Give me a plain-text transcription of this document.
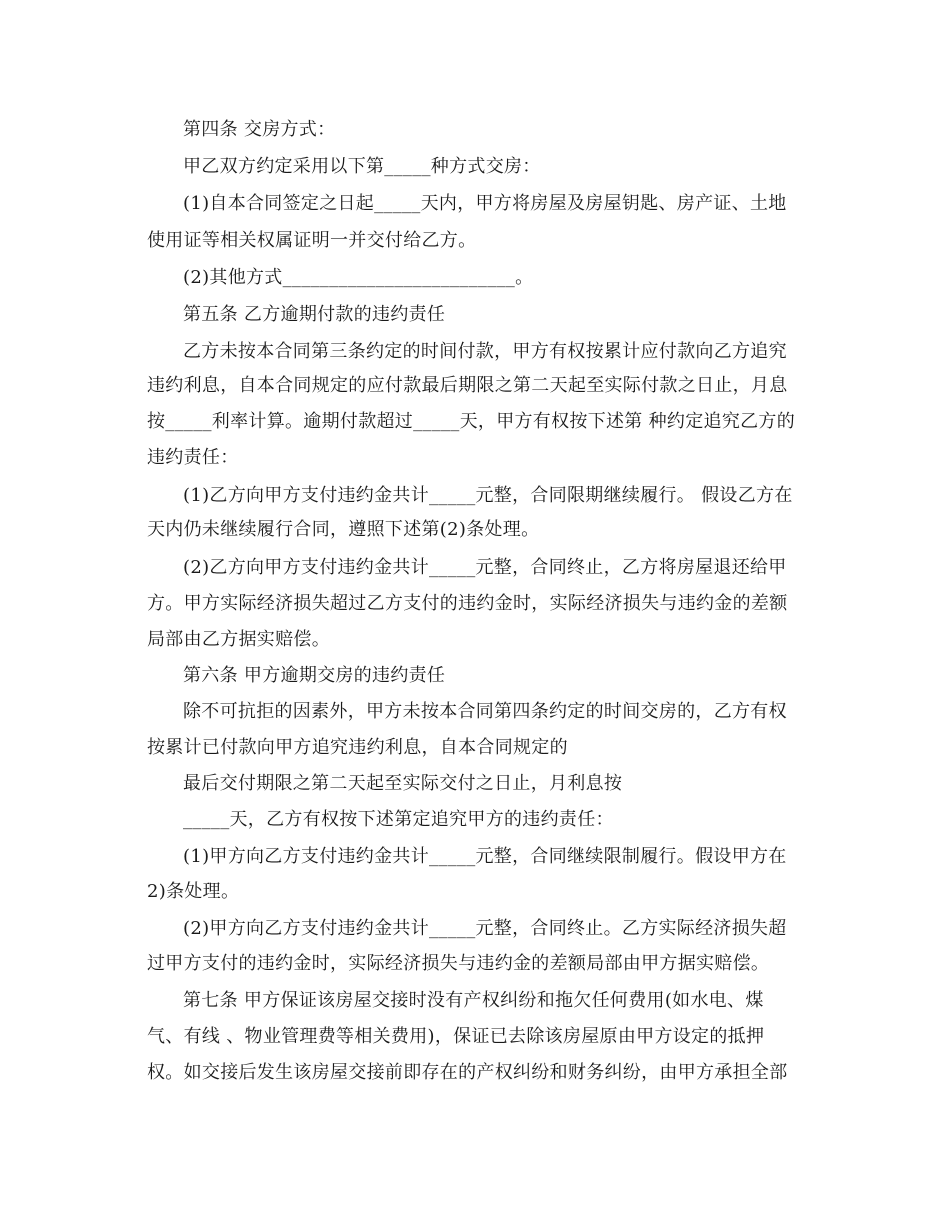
第四条 交房方式：
甲乙双方约定采用以下第_____种方式交房：
(1)自本合同签定之日起_____天内，甲方将房屋及房屋钥匙、房产证、土地
使用证等相关权属证明一并交付给乙方。
(2)其他方式_________________________。
第五条 乙方逾期付款的违约责任
乙方未按本合同第三条约定的时间付款，甲方有权按累计应付款向乙方追究
违约利息，自本合同规定的应付款最后期限之第二天起至实际付款之日止，月息
按_____利率计算。逾期付款超过_____天，甲方有权按下述第 种约定追究乙方的
违约责任：
(1)乙方向甲方支付违约金共计_____元整，合同限期继续履行。 假设乙方在
天内仍未继续履行合同，遵照下述第(2)条处理。
(2)乙方向甲方支付违约金共计_____元整，合同终止，乙方将房屋退还给甲
方。甲方实际经济损失超过乙方支付的违约金时，实际经济损失与违约金的差额
局部由乙方据实赔偿。
第六条 甲方逾期交房的违约责任
除不可抗拒的因素外，甲方未按本合同第四条约定的时间交房的，乙方有权
按累计已付款向甲方追究违约利息，自本合同规定的
最后交付期限之第二天起至实际交付之日止，月利息按
_____天，乙方有权按下述第定追究甲方的违约责任：
(1)甲方向乙方支付违约金共计_____元整，合同继续限制履行。假设甲方在
2)条处理。
(2)甲方向乙方支付违约金共计_____元整，合同终止。乙方实际经济损失超
过甲方支付的违约金时，实际经济损失与违约金的差额局部由甲方据实赔偿。
第七条 甲方保证该房屋交接时没有产权纠纷和拖欠任何费用(如水电、煤
气、有线 、物业管理费等相关费用)，保证已去除该房屋原由甲方设定的抵押
权。如交接后发生该房屋交接前即存在的产权纠纷和财务纠纷，由甲方承担全部
